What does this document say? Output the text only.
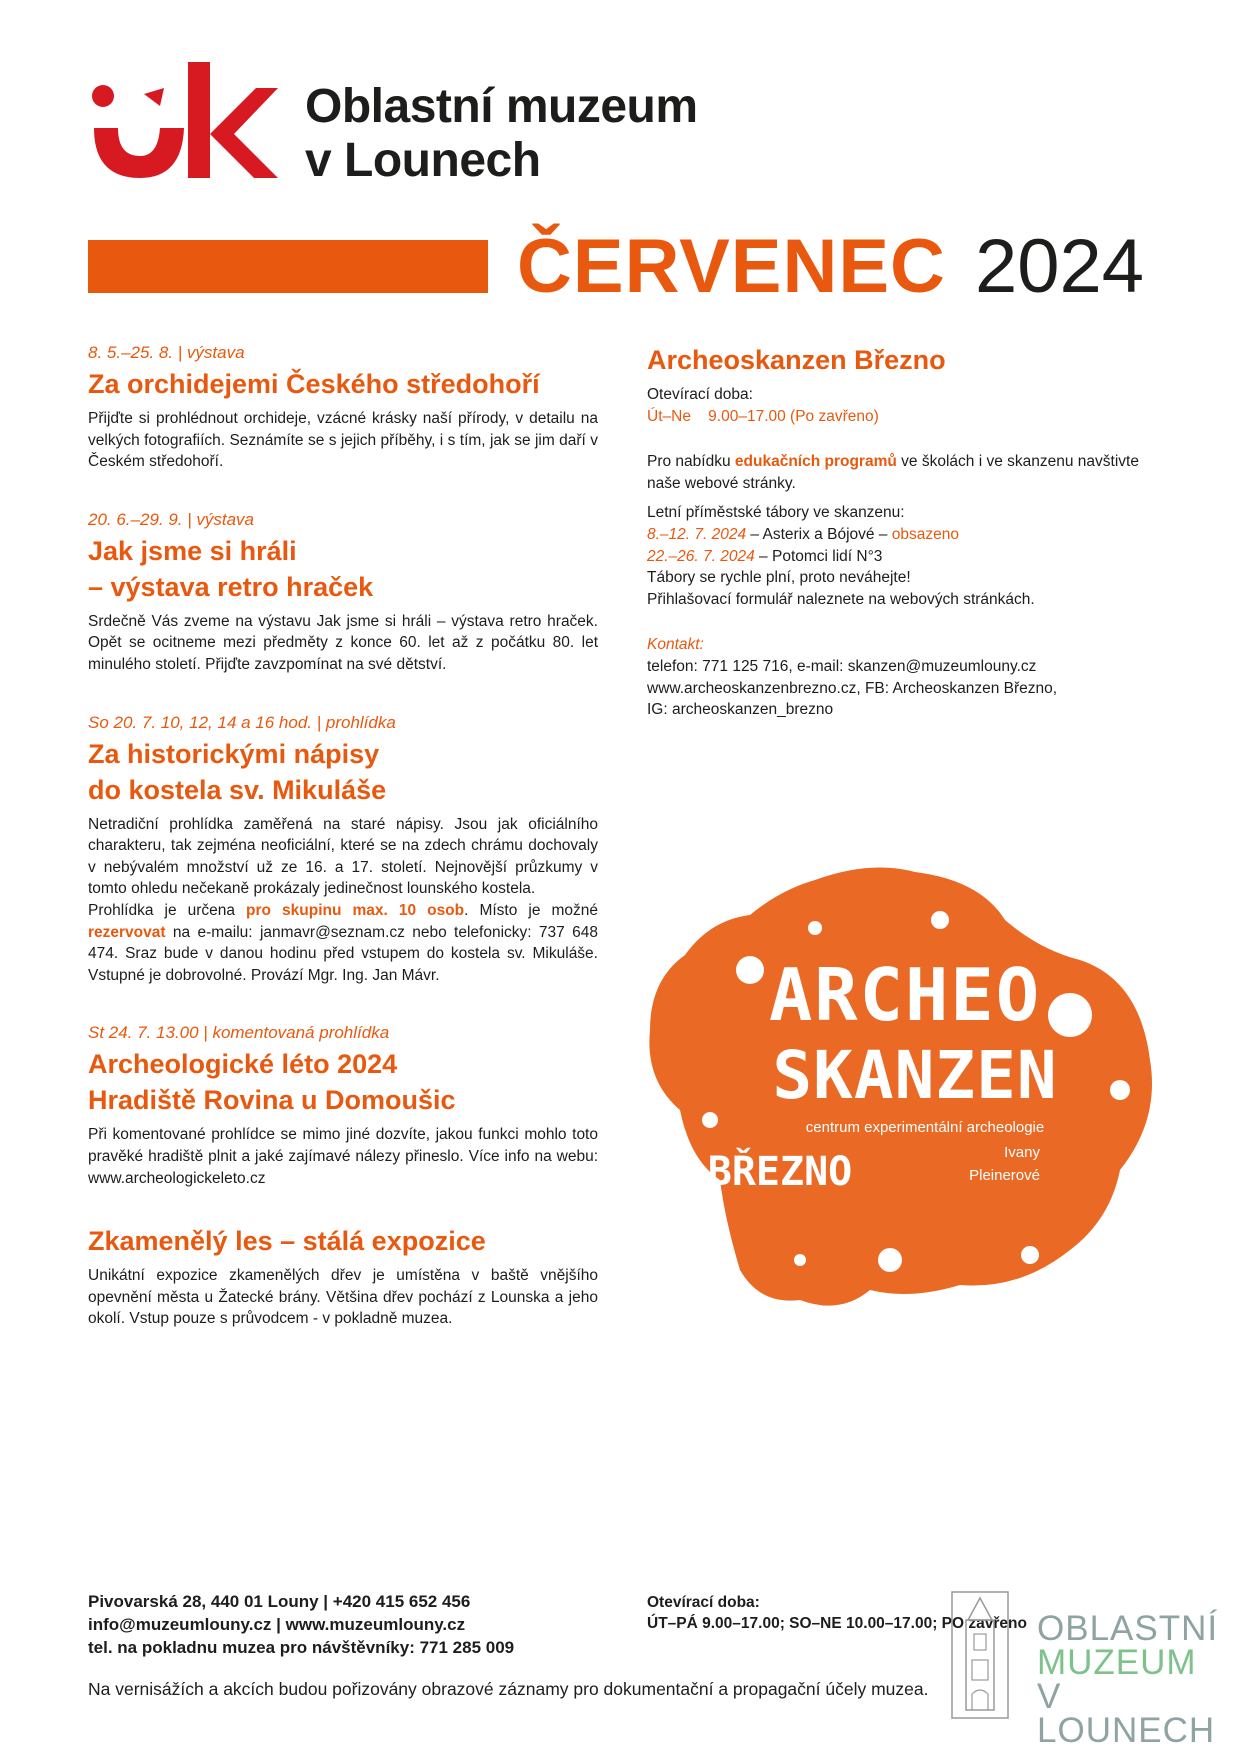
Oblastní muzeum
v Lounech
ČERVENEC 2024
8. 5.–25. 8. | výstava
Za orchidejemi Českého středohoří
Přijďte si prohlédnout orchideje, vzácné krásky naší přírody, v detailu na velkých fotografiích. Seznámíte se s jejich příběhy, i s tím, jak se jim daří v Českém středohoří.
20. 6.–29. 9. | výstava
Jak jsme si hráli
– výstava retro hraček
Srdečně Vás zveme na výstavu Jak jsme si hráli – výstava retro hraček. Opět se ocitneme mezi předměty z konce 60. let až z počátku 80. let minulého století. Přijďte zavzpomínat na své dětství.
So 20. 7. 10, 12, 14 a 16 hod. | prohlídka
Za historickými nápisy
do kostela sv. Mikuláše
Netradiční prohlídka zaměřená na staré nápisy. Jsou jak oficiálního charakteru, tak zejména neoficiální, které se na zdech chrámu dochovaly v nebývalém množství už ze 16. a 17. století. Nejnovější průzkumy v tomto ohledu nečekaně prokázaly jedinečnost lounského kostela.
Prohlídka je určena pro skupinu max. 10 osob. Místo je možné rezervovat na e-mailu: janmavr@seznam.cz nebo telefonicky: 737 648 474. Sraz bude v danou hodinu před vstupem do kostela sv. Mikuláše. Vstupné je dobrovolné. Provází Mgr. Ing. Jan Mávr.
St 24. 7. 13.00 | komentovaná prohlídka
Archeologické léto 2024
Hradiště Rovina u Domoušic
Při komentované prohlídce se mimo jiné dozvíte, jakou funkci mohlo toto pravěké hradiště plnit a jaké zajímavé nálezy přineslo. Více info na webu: www.archeologickeleto.cz
Zkamenělý les – stálá expozice
Unikátní expozice zkamenělých dřev je umístěna v baště vnějšího opevnění města u Žatecké brány. Většina dřev pochází z Lounska a jeho okolí. Vstup pouze s průvodcem - v pokladně muzea.
Archeoskanzen Březno
Otevírací doba:
Út–Ne 9.00–17.00 (Po zavřeno)
Pro nabídku edukačních programů ve školách i ve skanzenu navštivte naše webové stránky.
Letní příměstské tábory ve skanzenu:
8.–12. 7. 2024 – Asterix a Bójové – obsazeno
22.–26. 7. 2024 – Potomci lidí N°3
Tábory se rychle plní, proto neváhejte!
Přihlašovací formulář naleznete na webových stránkách.
Kontakt:
telefon: 771 125 716, e-mail: skanzen@muzeumlouny.cz
www.archeoskanzenbrezno.cz, FB: Archeoskanzen Březno,
IG: archeoskanzen_brezno
ARCHEO
SKANZEN
centrum experimentální archeologie
BŘEZNO	Ivany
Pleinerové
Pivovarská 28, 440 01 Louny | +420 415 652 456
info@muzeumlouny.cz | www.muzeumlouny.cz
tel. na pokladnu muzea pro návštěvníky: 771 285 009
Otevírací doba:
ÚT–PÁ 9.00–17.00; SO–NE 10.00–17.00; PO zavřeno
Na vernisážích a akcích budou pořizovány obrazové záznamy pro dokumentační a propagační účely muzea.
OBLASTNÍ
MUZEUM
V LOUNECH
